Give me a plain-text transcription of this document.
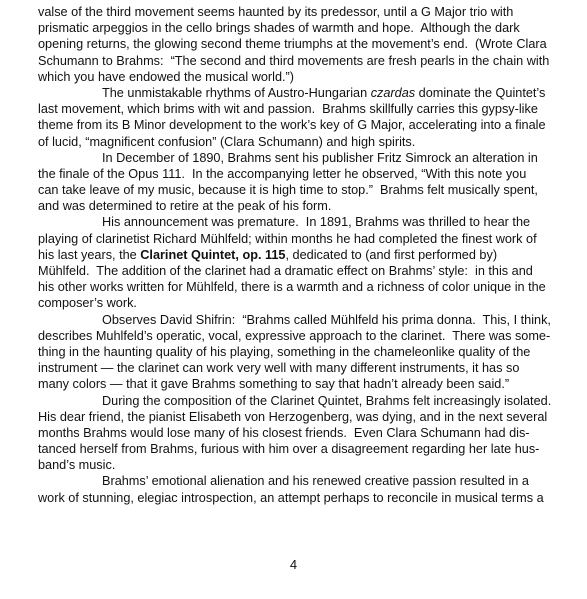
valse of the third movement seems haunted by its predessor, until a G Major trio with
prismatic arpeggios in the cello brings shades of warmth and hope.  Although the dark
opening returns, the glowing second theme triumphs at the movement’s end.  (Wrote Clara
Schumann to Brahms:  “The second and third movements are fresh pearls in the chain with
which you have endowed the musical world.”)
The unmistakable rhythms of Austro-Hungarian czardas dominate the Quintet’s
last movement, which brims with wit and passion.  Brahms skillfully carries this gypsy-like
theme from its B Minor development to the work’s key of G Major, accelerating into a finale
of lucid, “magnificent confusion” (Clara Schumann) and high spirits.
In December of 1890, Brahms sent his publisher Fritz Simrock an alteration in
the finale of the Opus 111.  In the accompanying letter he observed, “With this note you
can take leave of my music, because it is high time to stop.”  Brahms felt musically spent,
and was determined to retire at the peak of his form.
His announcement was premature.  In 1891, Brahms was thrilled to hear the
playing of clarinetist Richard Mühlfeld; within months he had completed the finest work of
his last years, the Clarinet Quintet, op. 115, dedicated to (and first performed by)
Mühlfeld.  The addition of the clarinet had a dramatic effect on Brahms’ style:  in this and
his other works written for Mühlfeld, there is a warmth and a richness of color unique in the
composer’s work.
Observes David Shifrin:  “Brahms called Mühlfeld his prima donna.  This, I think,
describes Muhlfeld’s operatic, vocal, expressive approach to the clarinet.  There was some-
thing in the haunting quality of his playing, something in the chameleonlike quality of the
instrument — the clarinet can work very well with many different instruments, it has so
many colors — that it gave Brahms something to say that hadn’t already been said.”
During the composition of the Clarinet Quintet, Brahms felt increasingly isolated.
His dear friend, the pianist Elisabeth von Herzogenberg, was dying, and in the next several
months Brahms would lose many of his closest friends.  Even Clara Schumann had dis-
tanced herself from Brahms, furious with him over a disagreement regarding her late hus-
band’s music.
Brahms’ emotional alienation and his renewed creative passion resulted in a
work of stunning, elegiac introspection, an attempt perhaps to reconcile in musical terms a
4
